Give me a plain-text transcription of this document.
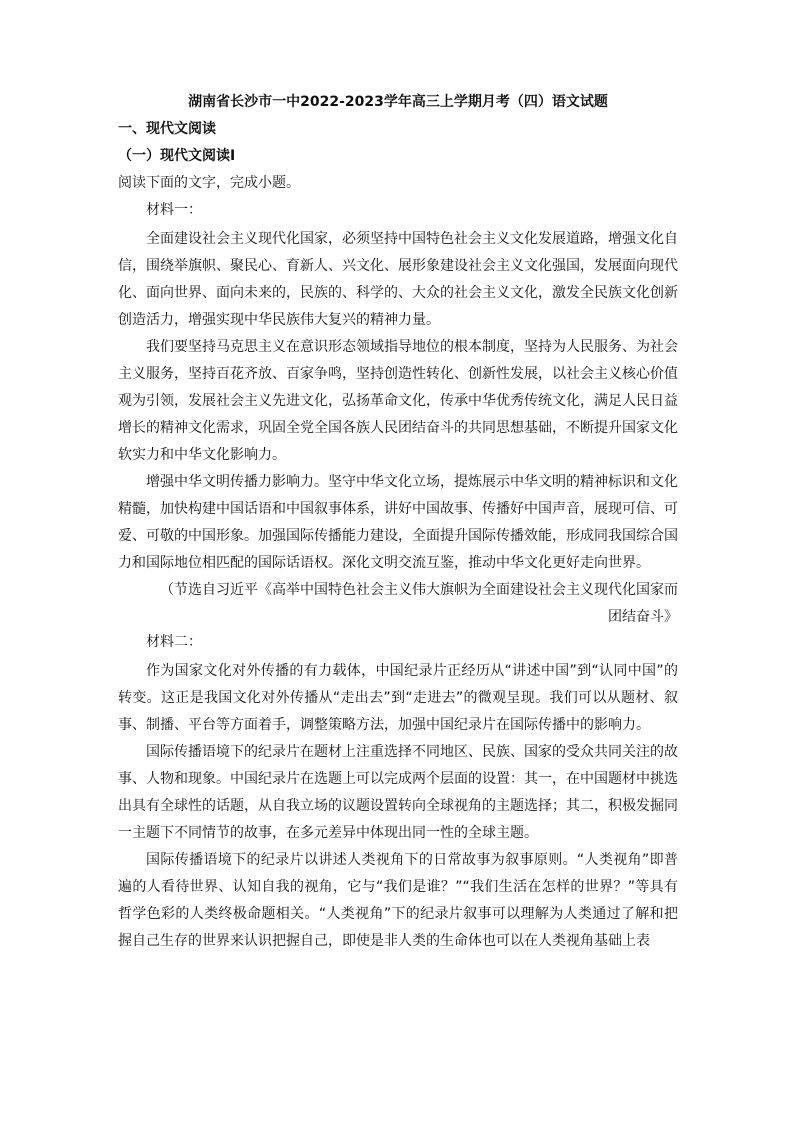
湖南省长沙市一中2022-2023学年高三上学期月考（四）语文试题
一、现代文阅读
（一）现代文阅读Ⅰ
阅读下面的文字，完成小题。
材料一：

全面建设社会主义现代化国家，必须坚持中国特色社会主义文化发展道路，增强文化自信，围绕举旗帜、聚民心、育新人、兴文化、展形象建设社会主义文化强国，发展面向现代化、面向世界、面向未来的，民族的、科学的、大众的社会主义文化，激发全民族文化创新创造活力，增强实现中华民族伟大复兴的精神力量。

我们要坚持马克思主义在意识形态领域指导地位的根本制度，坚持为人民服务、为社会主义服务，坚持百花齐放、百家争鸣，坚持创造性转化、创新性发展，以社会主义核心价值观为引领，发展社会主义先进文化，弘扬革命文化，传承中华优秀传统文化，满足人民日益增长的精神文化需求，巩固全党全国各族人民团结奋斗的共同思想基础，不断提升国家文化软实力和中华文化影响力。

增强中华文明传播力影响力。坚守中华文化立场，提炼展示中华文明的精神标识和文化精髓，加快构建中国话语和中国叙事体系，讲好中国故事、传播好中国声音，展现可信、可爱、可敬的中国形象。加强国际传播能力建设，全面提升国际传播效能，形成同我国综合国力和国际地位相匹配的国际话语权。深化文明交流互鉴，推动中华文化更好走向世界。

（节选自习近平《高举中国特色社会主义伟大旗帜为全面建设社会主义现代化国家而
团结奋斗》
材料二：

作为国家文化对外传播的有力载体，中国纪录片正经历从“讲述中国”到“认同中国”的转变。这正是我国文化对外传播从“走出去”到“走进去”的微观呈现。我们可以从题材、叙事、制播、平台等方面着手，调整策略方法，加强中国纪录片在国际传播中的影响力。

国际传播语境下的纪录片在题材上注重选择不同地区、民族、国家的受众共同关注的故事、人物和现象。中国纪录片在选题上可以完成两个层面的设置：其一，在中国题材中挑选出具有全球性的话题，从自我立场的议题设置转向全球视角的主题选择；其二，积极发掘同一主题下不同情节的故事，在多元差异中体现出同一性的全球主题。

国际传播语境下的纪录片以讲述人类视角下的日常故事为叙事原则。“人类视角”即普遍的人看待世界、认知自我的视角，它与“我们是谁？”“我们生活在怎样的世界？”等具有哲学色彩的人类终极命题相关。“人类视角”下的纪录片叙事可以理解为人类通过了解和把握自己生存的世界来认识把握自己，即使是非人类的生命体也可以在人类视角基础上表
